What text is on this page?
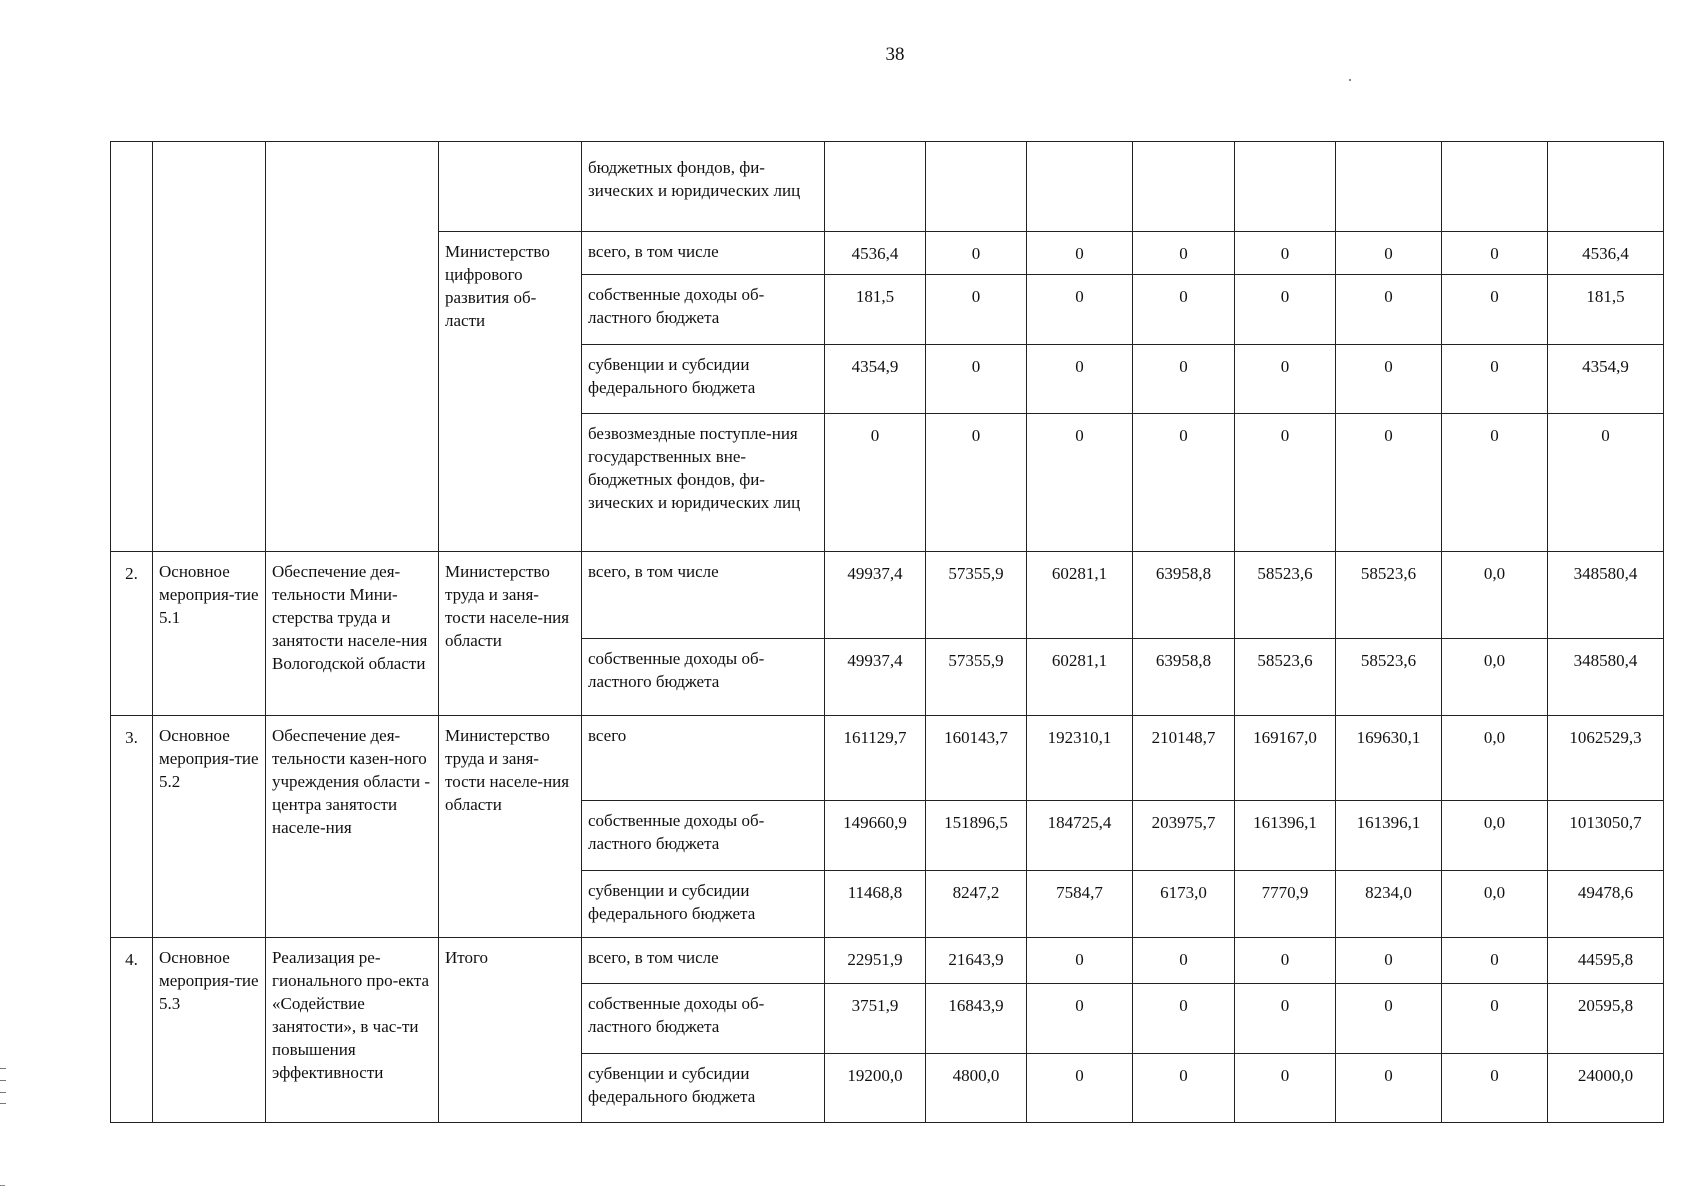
38
				бюджетных фондов, фи-зических и юридических лиц								
			Министерство цифрового развития об-ласти	всего, в том числе	4536,4	0	0	0	0	0	0	4536,4
				собственные доходы об-ластного бюджета	181,5	0	0	0	0	0	0	181,5
				субвенции и субсидии федерального бюджета	4354,9	0	0	0	0	0	0	4354,9
				безвозмездные поступле-ния государственных вне-бюджетных фондов, фи-зических и юридических лиц	0	0	0	0	0	0	0	0
2.	Основное мероприя-тие 5.1	Обеспечение дея-тельности Мини-стерства труда и занятости населе-ния Вологодской области	Министерство труда и заня-тости населе-ния области	всего, в том числе	49937,4	57355,9	60281,1	63958,8	58523,6	58523,6	0,0	348580,4
				собственные доходы об-ластного бюджета	49937,4	57355,9	60281,1	63958,8	58523,6	58523,6	0,0	348580,4
3.	Основное мероприя-тие 5.2	Обеспечение дея-тельности казен-ного учреждения области - центра занятости населе-ния	Министерство труда и заня-тости населе-ния области	всего	161129,7	160143,7	192310,1	210148,7	169167,0	169630,1	0,0	1062529,3
				собственные доходы об-ластного бюджета	149660,9	151896,5	184725,4	203975,7	161396,1	161396,1	0,0	1013050,7
				субвенции и субсидии федерального бюджета	11468,8	8247,2	7584,7	6173,0	7770,9	8234,0	0,0	49478,6
4.	Основное мероприя-тие 5.3	Реализация ре-гионального про-екта «Содействие занятости», в час-ти повышения эффективности	Итого	всего, в том числе	22951,9	21643,9	0	0	0	0	0	44595,8
				собственные доходы об-ластного бюджета	3751,9	16843,9	0	0	0	0	0	20595,8
				субвенции и субсидии федерального бюджета	19200,0	4800,0	0	0	0	0	0	24000,0
